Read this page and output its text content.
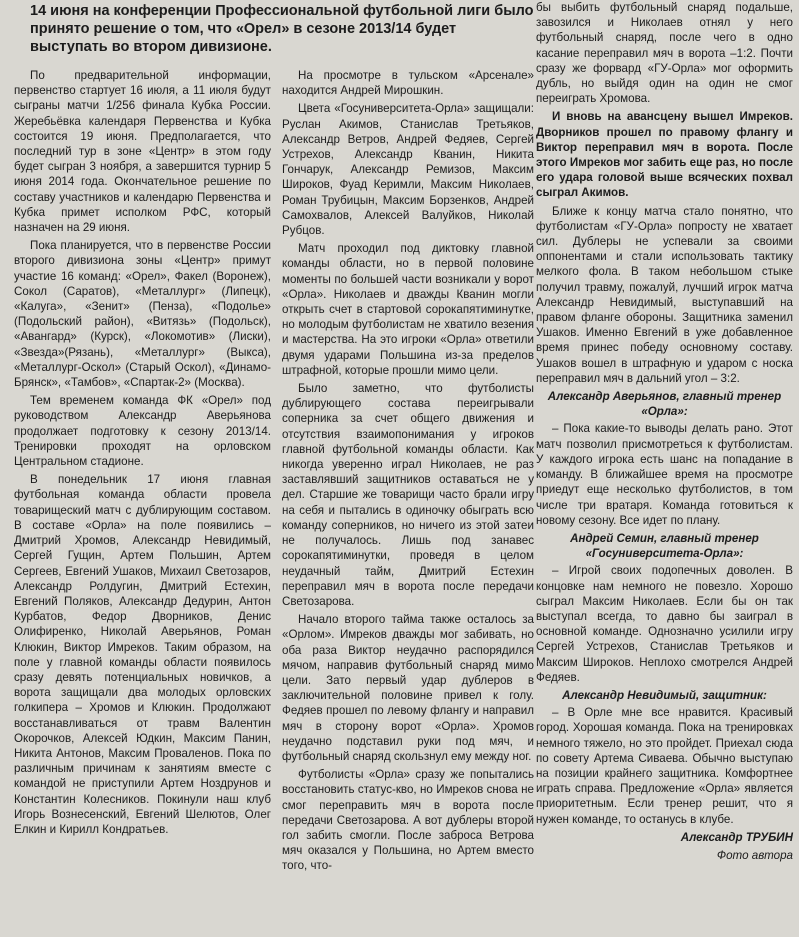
14 июня на конференции Профессиональной футбольной лиги было принято решение о том, что «Орел» в сезоне 2013/14 будет выступать во втором дивизионе.

По предварительной информации, первенство стартует 16 июля, а 11 июля будут сыграны матчи 1/256 финала Кубка России. Жеребьёвка календаря Первенства и Кубка состоится 19 июня. Предполагается, что последний тур в зоне «Центр» в этом году будет сыгран 3 ноября, а завершится турнир 5 июня 2014 года. Окончательное решение по составу участников и календарю Первенства и Кубка примет исполком РФС, который назначен на 29 июня.

Пока планируется, что в первенстве России второго дивизиона зоны «Центр» примут участие 16 команд: «Орел», Факел (Воронеж), Сокол (Саратов), «Металлург» (Липецк), «Калуга», «Зенит» (Пенза), «Подолье» (Подольский район), «Витязь» (Подольск), «Авангард» (Курск), «Локомотив» (Лиски), «Звезда»(Рязань), «Металлург» (Выкса), «Металлург-Оскол» (Старый Оскол), «Динамо-Брянск», «Тамбов», «Спартак-2» (Москва).

Тем временем команда ФК «Орел» под руководством Александр Аверьянова продолжает подготовку к сезону 2013/14. Тренировки проходят на орловском Центральном стадионе.

В понедельник 17 июня главная футбольная команда области провела товарищеский матч с дублирующим составом. В составе «Орла» на поле появились – Дмитрий Хромов, Александр Невидимый, Сергей Гущин, Артем Польшин, Артем Сергеев, Евгений Ушаков, Михаил Светозаров, Александр Ролдугин, Дмитрий Естехин, Евгений Поляков, Александр Дедурин, Антон Курбатов, Федор Дворников, Денис Олифиренко, Николай Аверьянов, Роман Клюкин, Виктор Имреков. Таким образом, на поле у главной команды области появилось сразу девять потенциальных новичков, а ворота защищали два молодых орловских голкипера – Хромов и Клюкин. Продолжают восстанавливаться от травм Валентин Окорочков, Алексей Юдкин, Максим Панин, Никита Антонов, Максим Проваленов. Пока по различным причинам к занятиям вместе с командой не приступили Артем Ноздрунов и Константин Колесников. Покинули наш клуб Игорь Вознесенский, Евгений Шелютов, Олег Елкин и Кирилл Кондратьев.

На просмотре в тульском «Арсенале» находится Андрей Мирошкин.

Цвета «Госуниверситета-Орла» защищали: Руслан Акимов, Станислав Третьяков, Александр Ветров, Андрей Федяев, Сергей Устрехов, Александр Кванин, Никита Гончарук, Александр Ремизов, Максим Широков, Фуад Керимли, Максим Николаев, Роман Трубицын, Максим Борзенков, Андрей Самохвалов, Алексей Валуйков, Николай Рубцов.

Матч проходил под диктовку главной команды области, но в первой половине моменты по большей части возникали у ворот «Орла». Николаев и дважды Кванин могли открыть счет в стартовой сорокапятиминутке, но молодым футболистам не хватило везения и мастерства. На это игроки «Орла» ответили двумя ударами Польшина из-за пределов штрафной, которые прошли мимо цели.

Было заметно, что футболисты дублирующего состава переигрывали соперника за счет общего движения и отсутствия взаимопонимания у игроков главной футбольной команды области. Как никогда уверенно играл Николаев, не раз заставлявший защитников оставаться не у дел. Старшие же товарищи часто брали игру на себя и пытались в одиночку обыграть всю команду соперников, но ничего из этой затеи не получалось. Лишь под занавес сорокапятиминутки, проведя в целом неудачный тайм, Дмитрий Естехин переправил мяч в ворота после передачи Светозарова.

Начало второго тайма также осталось за «Орлом». Имреков дважды мог забивать, но оба раза Виктор неудачно распорядился мячом, направив футбольный снаряд мимо цели. Зато первый удар дублеров в заключительной половине привел к голу. Федяев прошел по левому флангу и направил мяч в сторону ворот «Орла». Хромов неудачно подставил руки под мяч, и футбольный снаряд скользнул ему между ног.

Футболисты «Орла» сразу же попытались восстановить статус-кво, но Имреков снова не смог переправить мяч в ворота после передачи Светозарова. А вот дублеры второй гол забить смогли. После заброса Ветрова мяч оказался у Польшина, но Артем вместо того, что-

бы выбить футбольный снаряд подальше, завозился и Николаев отнял у него футбольный снаряд, после чего в одно касание переправил мяч в ворота –1:2. Почти сразу же форвард «ГУ-Орла» мог оформить дубль, но выйдя один на один не смог переиграть Хромова.

И вновь на авансцену вышел Имреков. Дворников прошел по правому флангу и Виктор переправил мяч в ворота. После этого Имреков мог забить еще раз, но после его удара головой выше всяческих похвал сыграл Акимов.

Ближе к концу матча стало понятно, что футболистам «ГУ-Орла» попросту не хватает сил. Дублеры не успевали за своими оппонентами и стали использовать тактику мелкого фола. В таком небольшом стыке получил травму, пожалуй, лучший игрок матча Александр Невидимый, выступавший на правом фланге обороны. Защитника заменил Ушаков. Именно Евгений в уже добавленное время принес победу основному составу. Ушаков вошел в штрафную и ударом с носка переправил мяч в дальний угол – 3:2.

Александр Аверьянов, главный тренер «Орла»:

– Пока какие-то выводы делать рано. Этот матч позволил присмотреться к футболистам. У каждого игрока есть шанс на попадание в команду. В ближайшее время на просмотре приедут еще несколько футболистов, в том числе три вратаря. Команда готовиться к новому сезону. Все идет по плану.

Андрей Семин, главный тренер «Госуниверситета-Орла»:

– Игрой своих подопечных доволен. В концовке нам немного не повезло. Хорошо сыграл Максим Николаев. Если бы он так выступал всегда, то давно бы заиграл в основной команде. Однозначно усилили игру Сергей Устрехов, Станислав Третьяков и Максим Широков. Неплохо смотрелся Андрей Федяев.

Александр Невидимый, защитник:

– В Орле мне все нравится. Красивый город. Хорошая команда. Пока на тренировках немного тяжело, но это пройдет. Приехал сюда по совету Артема Сиваева. Обычно выступаю на позиции крайнего защитника. Комфортнее играть справа. Предложение «Орла» является приоритетным. Если тренер решит, что я нужен команде, то останусь в клубе.

Александр ТРУБИН

Фото автора
